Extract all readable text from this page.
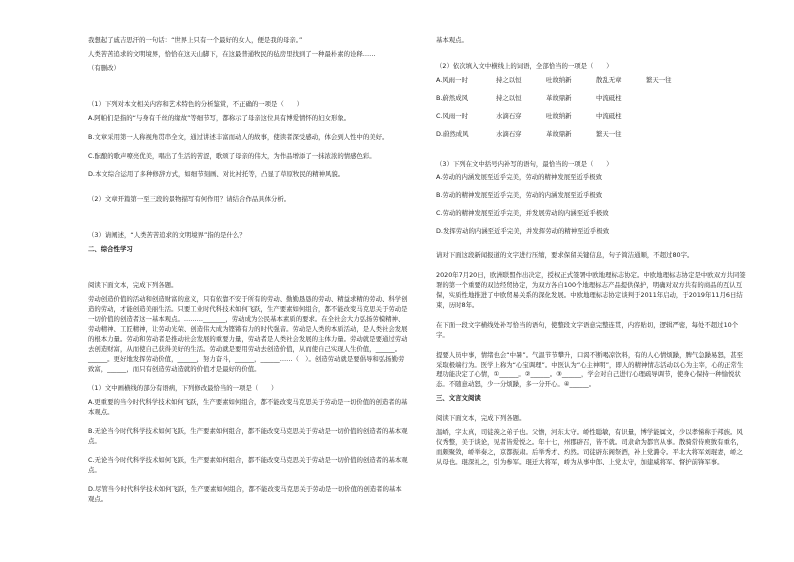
我想起了戚吉思汗的一句话：“世界上只有一个最好的女人，便是我的母亲。”

人类苦苦追求的文明境界，恰恰在这天山脚下，在这最普通牧民的毡房里找到了一种最朴素的诠释……

（有删改）

（1）下列对本文相关内容和艺术特色的分析鉴赏，不正确的一项是（　　）

A.阿帕们是指的“与身有千丝的缘故”等细节写，都称示了母亲这位具有博爱情怀的妇女形象。

B.文章采用第一人称视角贯串全文，通过讲述丰富而动人的故事，使读者深受感动，体会到人性中的美好。

C.酝酿的歌声嘹亮优美，唱出了生活的苦涩，歌颂了母亲的伟大，为作品增添了一抹浓浓的情感色彩。

D.本文综合运用了多种修辞方式，如细节刻画、对比衬托等，凸显了草原牧民的精神风貌。

（2）文章开篇第一至三段的景物描写有何作用？请结合作品具体分析。

（3）请阐述，“人类苦苦追求的文明境界”指的是什么？

二、综合性学习

阅读下面文本，完成下列各题。

劳动创造价值的活动和创造财富的意义，只有依靠不安于所有的劳动、勤勤恳恳的劳动、精益求精的劳动、科学创造的劳动，才能创造美丽生活。只要工业时代科技术如何飞跃，生产要素如何组合，都不能改变马克思关于劳动是一切价值的创造者这一基本观点。………_______，劳动成为公民基本素质的要求。在全社会大力弘扬劳模精神、劳动精神、工匠精神，让劳动光荣、创造伟大成为铿锵有力的时代强音。劳动是人类的本质活动，是人类社会发展的根本力量。劳动和劳动者是推动社会发展的重要力量，劳动者是人类社会发展的主体力量。劳动就是要通过劳动去创造财富，从而使自己获得美好的生活。劳动就是要用劳动去创造价值，从而使自己实现人生价值，______。______。更好地发挥劳动价值，______，努力奋斗，______，______……（　）。创造劳动就是要倡导和弘扬勤劳致富，______，而只有创造劳动造就的价值才是最好的价值。

（1）文中画横线的部分有语病，下列修改最恰当的一项是（　　）

A.更重要的当今时代科学技术如何飞跃，生产要素如何组合，都不能改变马克思关于劳动是一切价值的创造者的基本观点。

B.无论当今时代科学技术如何飞跃，生产要素如何组合，都不能改变马克思关于劳动是一切价值的创造者的基本观点。

C.无论当今时代科学技术如何飞跃，生产要素如何组合，都不能改变马克思关于劳动是一切价值的创造者的基本观点。

D.尽管当今时代科学技术如何飞跃，生产要素如何组合，都不能改变马克思关于劳动是一切价值的创造者的基本观点。

基本观点。

（2）依次填入文中横线上的词语，全部恰当的一项是（　　）

A.风雨一时	持之以恒	吐故纳新	散乱无章	繁天一往
B.蔚然成风	持之以恒	革故鼎新	中流砥柱
C.风雨一时	水滴石穿	吐故纳新	中流砥柱
D.蔚然成风	水滴石穿	革故鼎新	繁天一往

（3）下列在文中括号内补写的语句，最恰当的一项是（　　）

A.劳动的内涵发展至近乎完美，劳动的精神发展至近乎极致

B.劳动的精神发展至近乎完美，劳动的内涵发展至近乎极致

C.劳动的精神发展至近乎完美，并发展劳动的内涵至近乎极致

D.发挥劳动的内涵至近乎完美，并发挥劳动的精神至近乎极致

请对下面这段新闻报道的文字进行压缩，要求保留关键信息，句子简洁通顺，不超过80字。

2020年7月20日，欧洲联盟作出决定，授权正式签署中欧地理标志协定。中欧地理标志协定是中欧双方共同签署的第一个重要的双边经贸协定，为双方各自100个地理标志产品提供保护，明确对双方共有的商品的互认互保，实质性地推进了中欧贸易关系的深化发展。中欧地理标志协定谈判于2011年启动，于2019年11月6日结束，历时8年。

在下面一段文字横线处补写恰当的语句，使整段文字语意完整连贯，内容贴切，逻辑严密，每处不超过10个字。

提要人员中事，情绪也会“中暑”。气温节节攀升，口渴不断喝凉饮料，有的人心情烦躁，脾气急躁易怒，甚至采取极端行为。医学上称为“心宝调理”。中医认为“心主神明”，即人的精神情志活动以心为主宰，心的正常生理功能决定了心情，①______。②______。③______，学会对自己进行心理疏导调节，使身心保持一种愉悦状态。不随意动怒，少一分烦躁，多一分开心。④______。

三、文言文阅读

阅读下面文本，完成下列各题。

温峤，字太真，司徒羡之弟子也。父憺，河东太守。峤性聪敏，有识量，博学能属文，少以孝悌称于邦族。风仪秀整，美于谈论，见者皆爱悦之。年十七，州郡辟召，皆不就。司隶命为都官从事。散骑常侍庾敳有重名，而颇聚敛，峤举奏之，京都振肃。后举秀才、灼然。司徒辟东阁祭酒，补上党潞令。平北大将军刘琨妻，峤之从母也。琨深礼之，引为参军。琨迁大将军，峤为从事中郎、上党太守，加建威将军、督护前锋军事。
